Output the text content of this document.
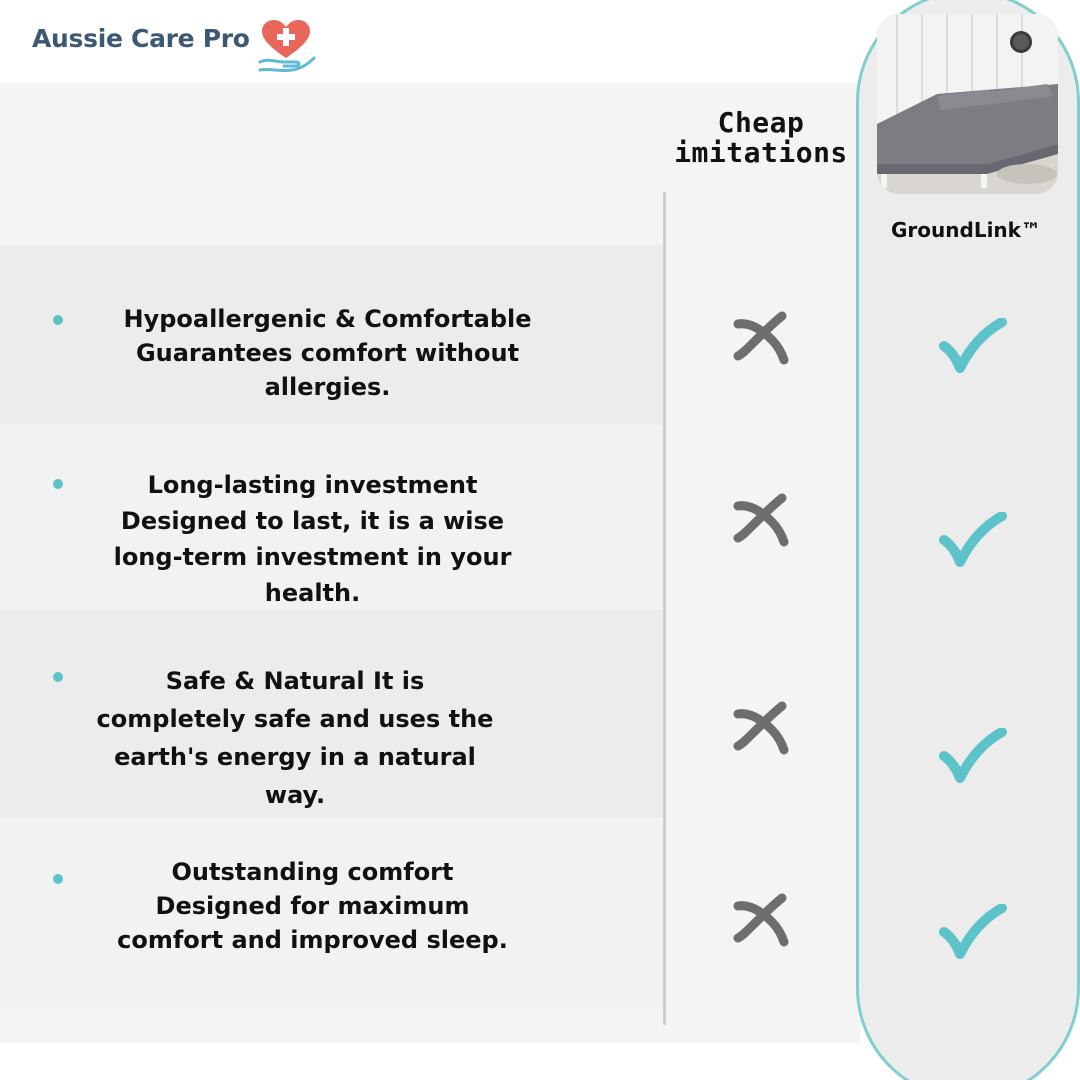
Aussie Care Pro
Cheap
imitations
GroundLink™
Hypoallergenic & Comfortable
Guarantees comfort without
allergies.
Long-lasting investment
Designed to last, it is a wise
long-term investment in your
health.
Safe & Natural It is
completely safe and uses the
earth's energy in a natural
way.
Outstanding comfort
Designed for maximum
comfort and improved sleep.
